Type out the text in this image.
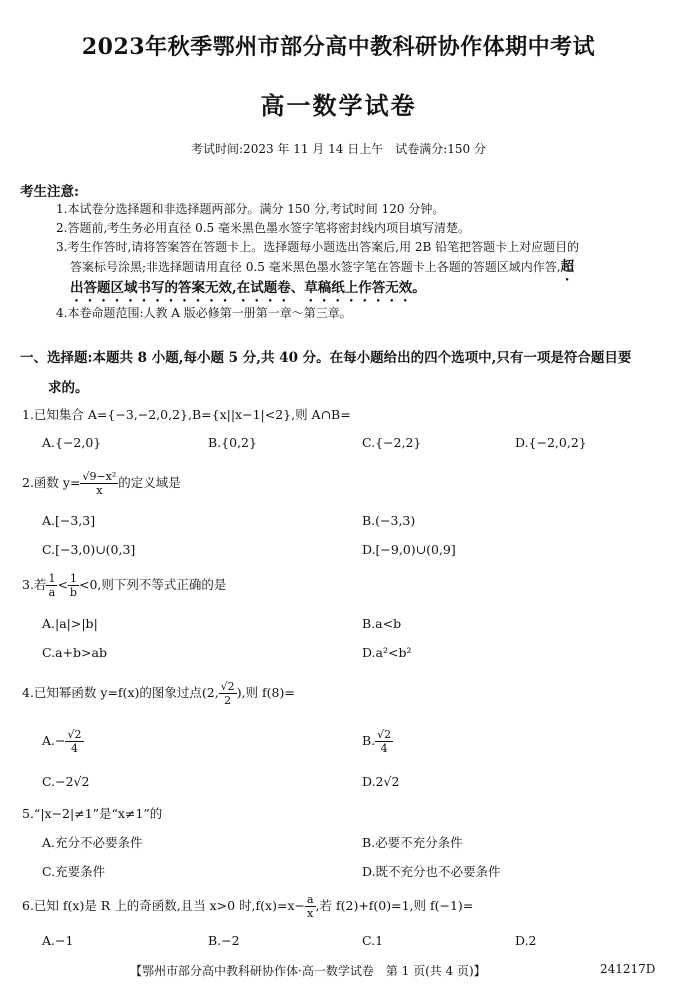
2023年秋季鄂州市部分高中教科研协作体期中考试
高一数学试卷
考试时间:2023 年 11 月 14 日上午　试卷满分:150 分
考生注意:
1.本试卷分选择题和非选择题两部分。满分 150 分,考试时间 120 分钟。
2.答题前,考生务必用直径 0.5 毫米黑色墨水签字笔将密封线内项目填写清楚。
3.考生作答时,请将答案答在答题卡上。选择题每小题选出答案后,用 2B 铅笔把答题卡上对应题目的
答案标号涂黑;非选择题请用直径 0.5 毫米黑色墨水签字笔在答题卡上各题的答题区域内作答,超
出答题区域书写的答案无效,在试题卷、草稿纸上作答无效。
4.本卷命题范围:人教 A 版必修第一册第一章～第三章。
一、选择题:本题共 8 小题,每小题 5 分,共 40 分。在每小题给出的四个选项中,只有一项是符合题目要
求的。
1.已知集合 A={−3,−2,0,2},B={x||x−1|<2},则 A∩B=
A.{−2,0}	B.{0,2}	C.{−2,2}	D.{−2,0,2}
2.函数 $y= \frac{\text{√9−x²}}{x}$ 的定义域是
A.[−3,3]	B.(−3,3)
C.[−3,0)∪(0,3]	D.[−9,0)∪(0,9]
3.若 $\frac{1}{a} < \frac{1}{b} <0$,则下列不等式正确的是
A.|a|>|b|	B.a<b
C.a+b>ab	D.a²<b²
4.已知幂函数 y=f(x)的图象过点(2, $\frac{√2}{2}$ ),则 f(8)=
$A.- \frac{√2}{4}$	B. $\frac{√2}{4}$
C.−2√2	D.2√2
5.“|x−2|≠1”是“x≠1”的
A.充分不必要条件	B.必要不充分条件
C.充要条件	D.既不充分也不必要条件
6.已知 f(x)是 R 上的奇函数,且当 x>0 时$,f(x)=x- \frac{a}{x}$ ,若 f(2)+f(0)=1,则 f(−1)=
A.−1	B.−2	C.1	D.2
【鄂州市部分高中教科研协作体·高一数学试卷　第 1 页(共 4 页)】	241217D
